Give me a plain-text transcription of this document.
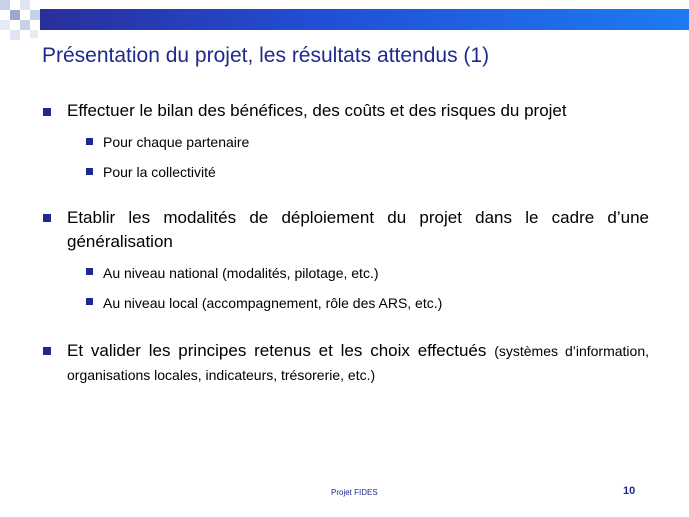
Présentation du projet, les résultats attendus (1)
Effectuer le bilan des bénéfices, des coûts et des risques du projet
Pour chaque partenaire
Pour la collectivité
Etablir les modalités de déploiement du projet dans le cadre d’une généralisation
Au niveau national (modalités, pilotage, etc.)
Au niveau local (accompagnement, rôle des ARS, etc.)
Et valider les principes retenus et les choix effectués (systèmes d’information, organisations locales, indicateurs, trésorerie, etc.)
Projet FIDES	10
